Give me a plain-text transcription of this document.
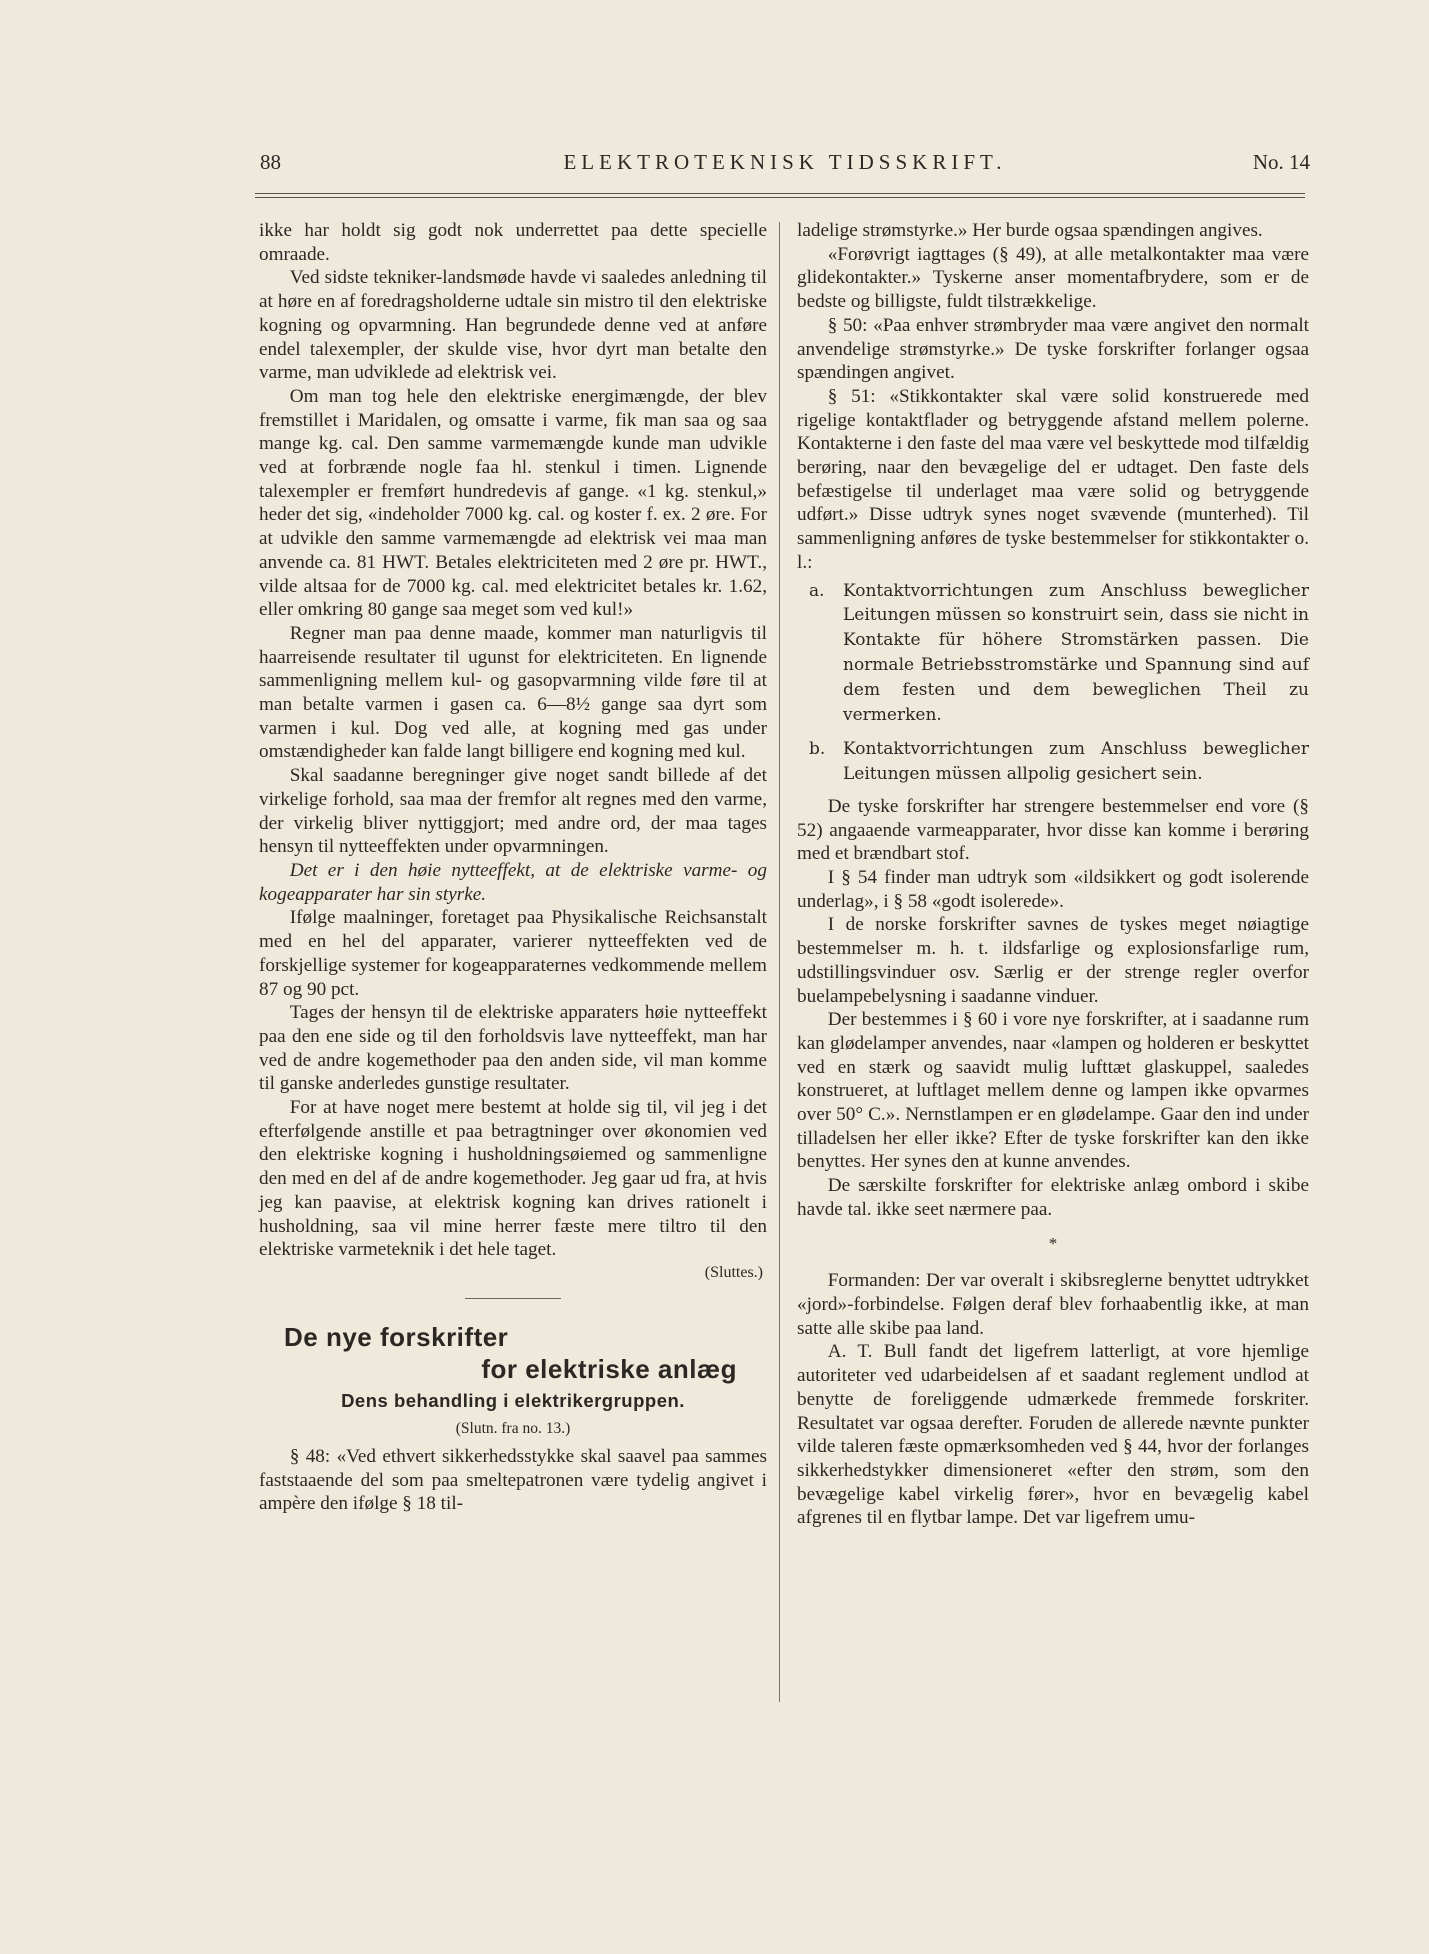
88	ELEKTROTEKNISK TIDSSKRIFT.	No. 14

ikke har holdt sig godt nok underrettet paa dette specielle omraade.

Ved sidste tekniker-landsmøde havde vi saaledes anledning til at høre en af foredragsholderne udtale sin mistro til den elektriske kogning og opvarmning. Han begrundede denne ved at anføre endel talexempler, der skulde vise, hvor dyrt man betalte den varme, man udviklede ad elektrisk vei.

Om man tog hele den elektriske energimængde, der blev fremstillet i Maridalen, og omsatte i varme, fik man saa og saa mange kg. cal. Den samme varmemængde kunde man udvikle ved at forbrænde nogle faa hl. stenkul i timen. Lignende talexempler er fremført hundredevis af gange. «1 kg. stenkul,» heder det sig, «indeholder 7000 kg. cal. og koster f. ex. 2 øre. For at udvikle den samme varmemængde ad elektrisk vei maa man anvende ca. 81 HWT. Betales elektriciteten med 2 øre pr. HWT., vilde altsaa for de 7000 kg. cal. med elektricitet betales kr. 1.62, eller omkring 80 gange saa meget som ved kul!»

Regner man paa denne maade, kommer man naturligvis til haarreisende resultater til ugunst for elektriciteten. En lignende sammenligning mellem kul- og gasopvarmning vilde føre til at man betalte varmen i gasen ca. 6—8½ gange saa dyrt som varmen i kul. Dog ved alle, at kogning med gas under omstændigheder kan falde langt billigere end kogning med kul.

Skal saadanne beregninger give noget sandt billede af det virkelige forhold, saa maa der fremfor alt regnes med den varme, der virkelig bliver nyttiggjort; med andre ord, der maa tages hensyn til nytteeffekten under opvarmningen.

Det er i den høie nytteeffekt, at de elektriske varme- og kogeapparater har sin styrke.

Ifølge maalninger, foretaget paa Physikalische Reichsanstalt med en hel del apparater, varierer nytteeffekten ved de forskjellige systemer for kogeapparaternes vedkommende mellem 87 og 90 pct.

Tages der hensyn til de elektriske apparaters høie nytteeffekt paa den ene side og til den forholdsvis lave nytteeffekt, man har ved de andre kogemethoder paa den anden side, vil man komme til ganske anderledes gunstige resultater.

For at have noget mere bestemt at holde sig til, vil jeg i det efterfølgende anstille et paa betragtninger over økonomien ved den elektriske kogning i husholdningsøiemed og sammenligne den med en del af de andre kogemethoder. Jeg gaar ud fra, at hvis jeg kan paavise, at elektrisk kogning kan drives rationelt i husholdning, saa vil mine herrer fæste mere tiltro til den elektriske varmeteknik i det hele taget.

(Sluttes.)

De nye forskrifter
for elektriske anlæg
Dens behandling i elektrikergruppen.
(Slutn. fra no. 13.)

§ 48: «Ved ethvert sikkerhedsstykke skal saavel paa sammes faststaaende del som paa smeltepatronen være tydelig angivet i ampère den ifølge § 18 til-

ladelige strømstyrke.» Her burde ogsaa spændingen angives.

«Forøvrigt iagttages (§ 49), at alle metalkontakter maa være glidekontakter.» Tyskerne anser momentafbrydere, som er de bedste og billigste, fuldt tilstrækkelige.

§ 50: «Paa enhver strømbryder maa være angivet den normalt anvendelige strømstyrke.» De tyske forskrifter forlanger ogsaa spændingen angivet.

§ 51: «Stikkontakter skal være solid konstruerede med rigelige kontaktflader og betryggende afstand mellem polerne. Kontakterne i den faste del maa være vel beskyttede mod tilfældig berøring, naar den bevægelige del er udtaget. Den faste dels befæstigelse til underlaget maa være solid og betryggende udført.» Disse udtryk synes noget svævende (munterhed). Til sammenligning anføres de tyske bestemmelser for stikkontakter o. l.:

a.	Kontaktvorrichtungen zum Anschluss beweglicher Leitungen müssen so konstruirt sein, dass sie nicht in Kontakte für höhere Stromstärken passen. Die normale Betriebsstromstärke und Spannung sind auf dem festen und dem beweglichen Theil zu vermerken.
b.	Kontaktvorrichtungen zum Anschluss beweglicher Leitungen müssen allpolig gesichert sein.

De tyske forskrifter har strengere bestemmelser end vore (§ 52) angaaende varmeapparater, hvor disse kan komme i berøring med et brændbart stof.

I § 54 finder man udtryk som «ildsikkert og godt isolerende underlag», i § 58 «godt isolerede».

I de norske forskrifter savnes de tyskes meget nøiagtige bestemmelser m. h. t. ildsfarlige og explosionsfarlige rum, udstillingsvinduer osv. Særlig er der strenge regler overfor buelampebelysning i saadanne vinduer.

Der bestemmes i § 60 i vore nye forskrifter, at i saadanne rum kan glødelamper anvendes, naar «lampen og holderen er beskyttet ved en stærk og saavidt mulig lufttæt glaskuppel, saaledes konstrueret, at luftlaget mellem denne og lampen ikke opvarmes over 50° C.». Nernstlampen er en glødelampe. Gaar den ind under tilladelsen her eller ikke? Efter de tyske forskrifter kan den ikke benyttes. Her synes den at kunne anvendes.

De særskilte forskrifter for elektriske anlæg ombord i skibe havde tal. ikke seet nærmere paa.

*

Formanden: Der var overalt i skibsreglerne benyttet udtrykket «jord»-forbindelse. Følgen deraf blev forhaabentlig ikke, at man satte alle skibe paa land.

A. T. Bull fandt det ligefrem latterligt, at vore hjemlige autoriteter ved udarbeidelsen af et saadant reglement undlod at benytte de foreliggende udmærkede fremmede forskriter. Resultatet var ogsaa derefter. Foruden de allerede nævnte punkter vilde taleren fæste opmærksomheden ved § 44, hvor der forlanges sikkerhedstykker dimensioneret «efter den strøm, som den bevægelige kabel virkelig fører», hvor en bevægelig kabel afgrenes til en flytbar lampe. Det var ligefrem umu-
